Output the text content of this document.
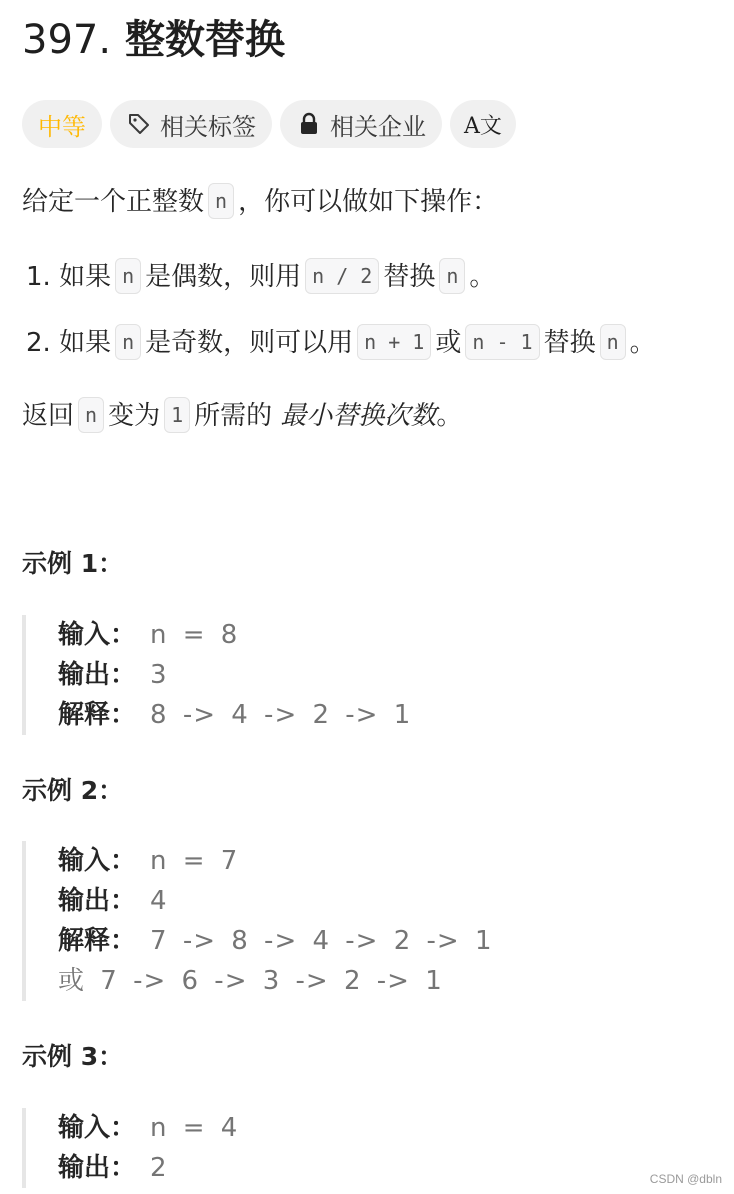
397. 整数替换
中等	相关标签	相关企业 A文
给定一个正整数 n ，你可以做如下操作：
1. 如果 n 是偶数，则用 n / 2 替换 n 。
2. 如果 n 是奇数，则可以用 n + 1 或 n - 1 替换 n 。
返回 n 变为 1 所需的 最小替换次数。
示例 1：
输入： n = 8
输出： 3
解释： 8 -> 4 -> 2 -> 1
示例 2：
输入： n = 7
输出： 4
解释： 7 -> 8 -> 4 -> 2 -> 1
或 7 -> 6 -> 3 -> 2 -> 1
示例 3：
输入： n = 4
输出： 2	CSDN @dbln
